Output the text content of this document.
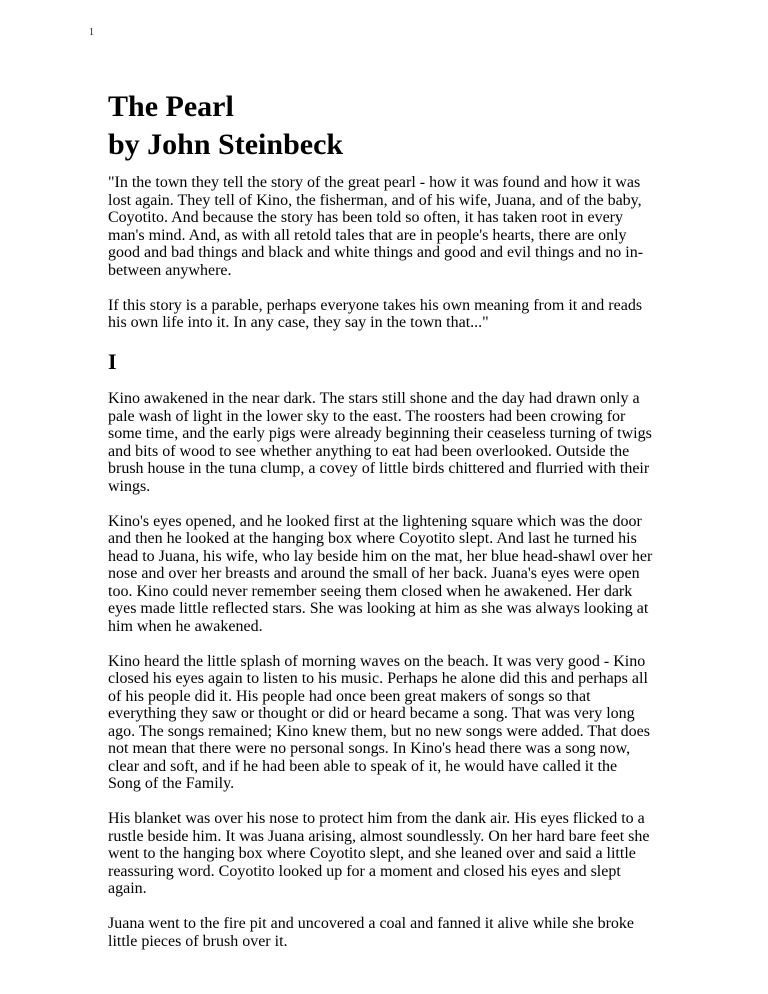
1
The Pearl
by John Steinbeck

"In the town they tell the story of the great pearl - how it was found and how it was lost again. They tell of Kino, the fisherman, and of his wife, Juana, and of the baby, Coyotito. And because the story has been told so often, it has taken root in every man's mind. And, as with all retold tales that are in people's hearts, there are only good and bad things and black and white things and good and evil things and no in-between anywhere.

If this story is a parable, perhaps everyone takes his own meaning from it and reads his own life into it. In any case, they say in the town that..."

I

Kino awakened in the near dark. The stars still shone and the day had drawn only a pale wash of light in the lower sky to the east. The roosters had been crowing for some time, and the early pigs were already beginning their ceaseless turning of twigs and bits of wood to see whether anything to eat had been overlooked. Outside the brush house in the tuna clump, a covey of little birds chittered and flurried with their wings.

Kino's eyes opened, and he looked first at the lightening square which was the door and then he looked at the hanging box where Coyotito slept. And last he turned his head to Juana, his wife, who lay beside him on the mat, her blue head-shawl over her nose and over her breasts and around the small of her back. Juana's eyes were open too. Kino could never remember seeing them closed when he awakened. Her dark eyes made little reflected stars. She was looking at him as she was always looking at him when he awakened.

Kino heard the little splash of morning waves on the beach. It was very good - Kino closed his eyes again to listen to his music. Perhaps he alone did this and perhaps all of his people did it. His people had once been great makers of songs so that everything they saw or thought or did or heard became a song. That was very long ago. The songs remained; Kino knew them, but no new songs were added. That does not mean that there were no personal songs. In Kino's head there was a song now, clear and soft, and if he had been able to speak of it, he would have called it the Song of the Family.

His blanket was over his nose to protect him from the dank air. His eyes flicked to a rustle beside him. It was Juana arising, almost soundlessly. On her hard bare feet she went to the hanging box where Coyotito slept, and she leaned over and said a little reassuring word. Coyotito looked up for a moment and closed his eyes and slept again.

Juana went to the fire pit and uncovered a coal and fanned it alive while she broke little pieces of brush over it.
